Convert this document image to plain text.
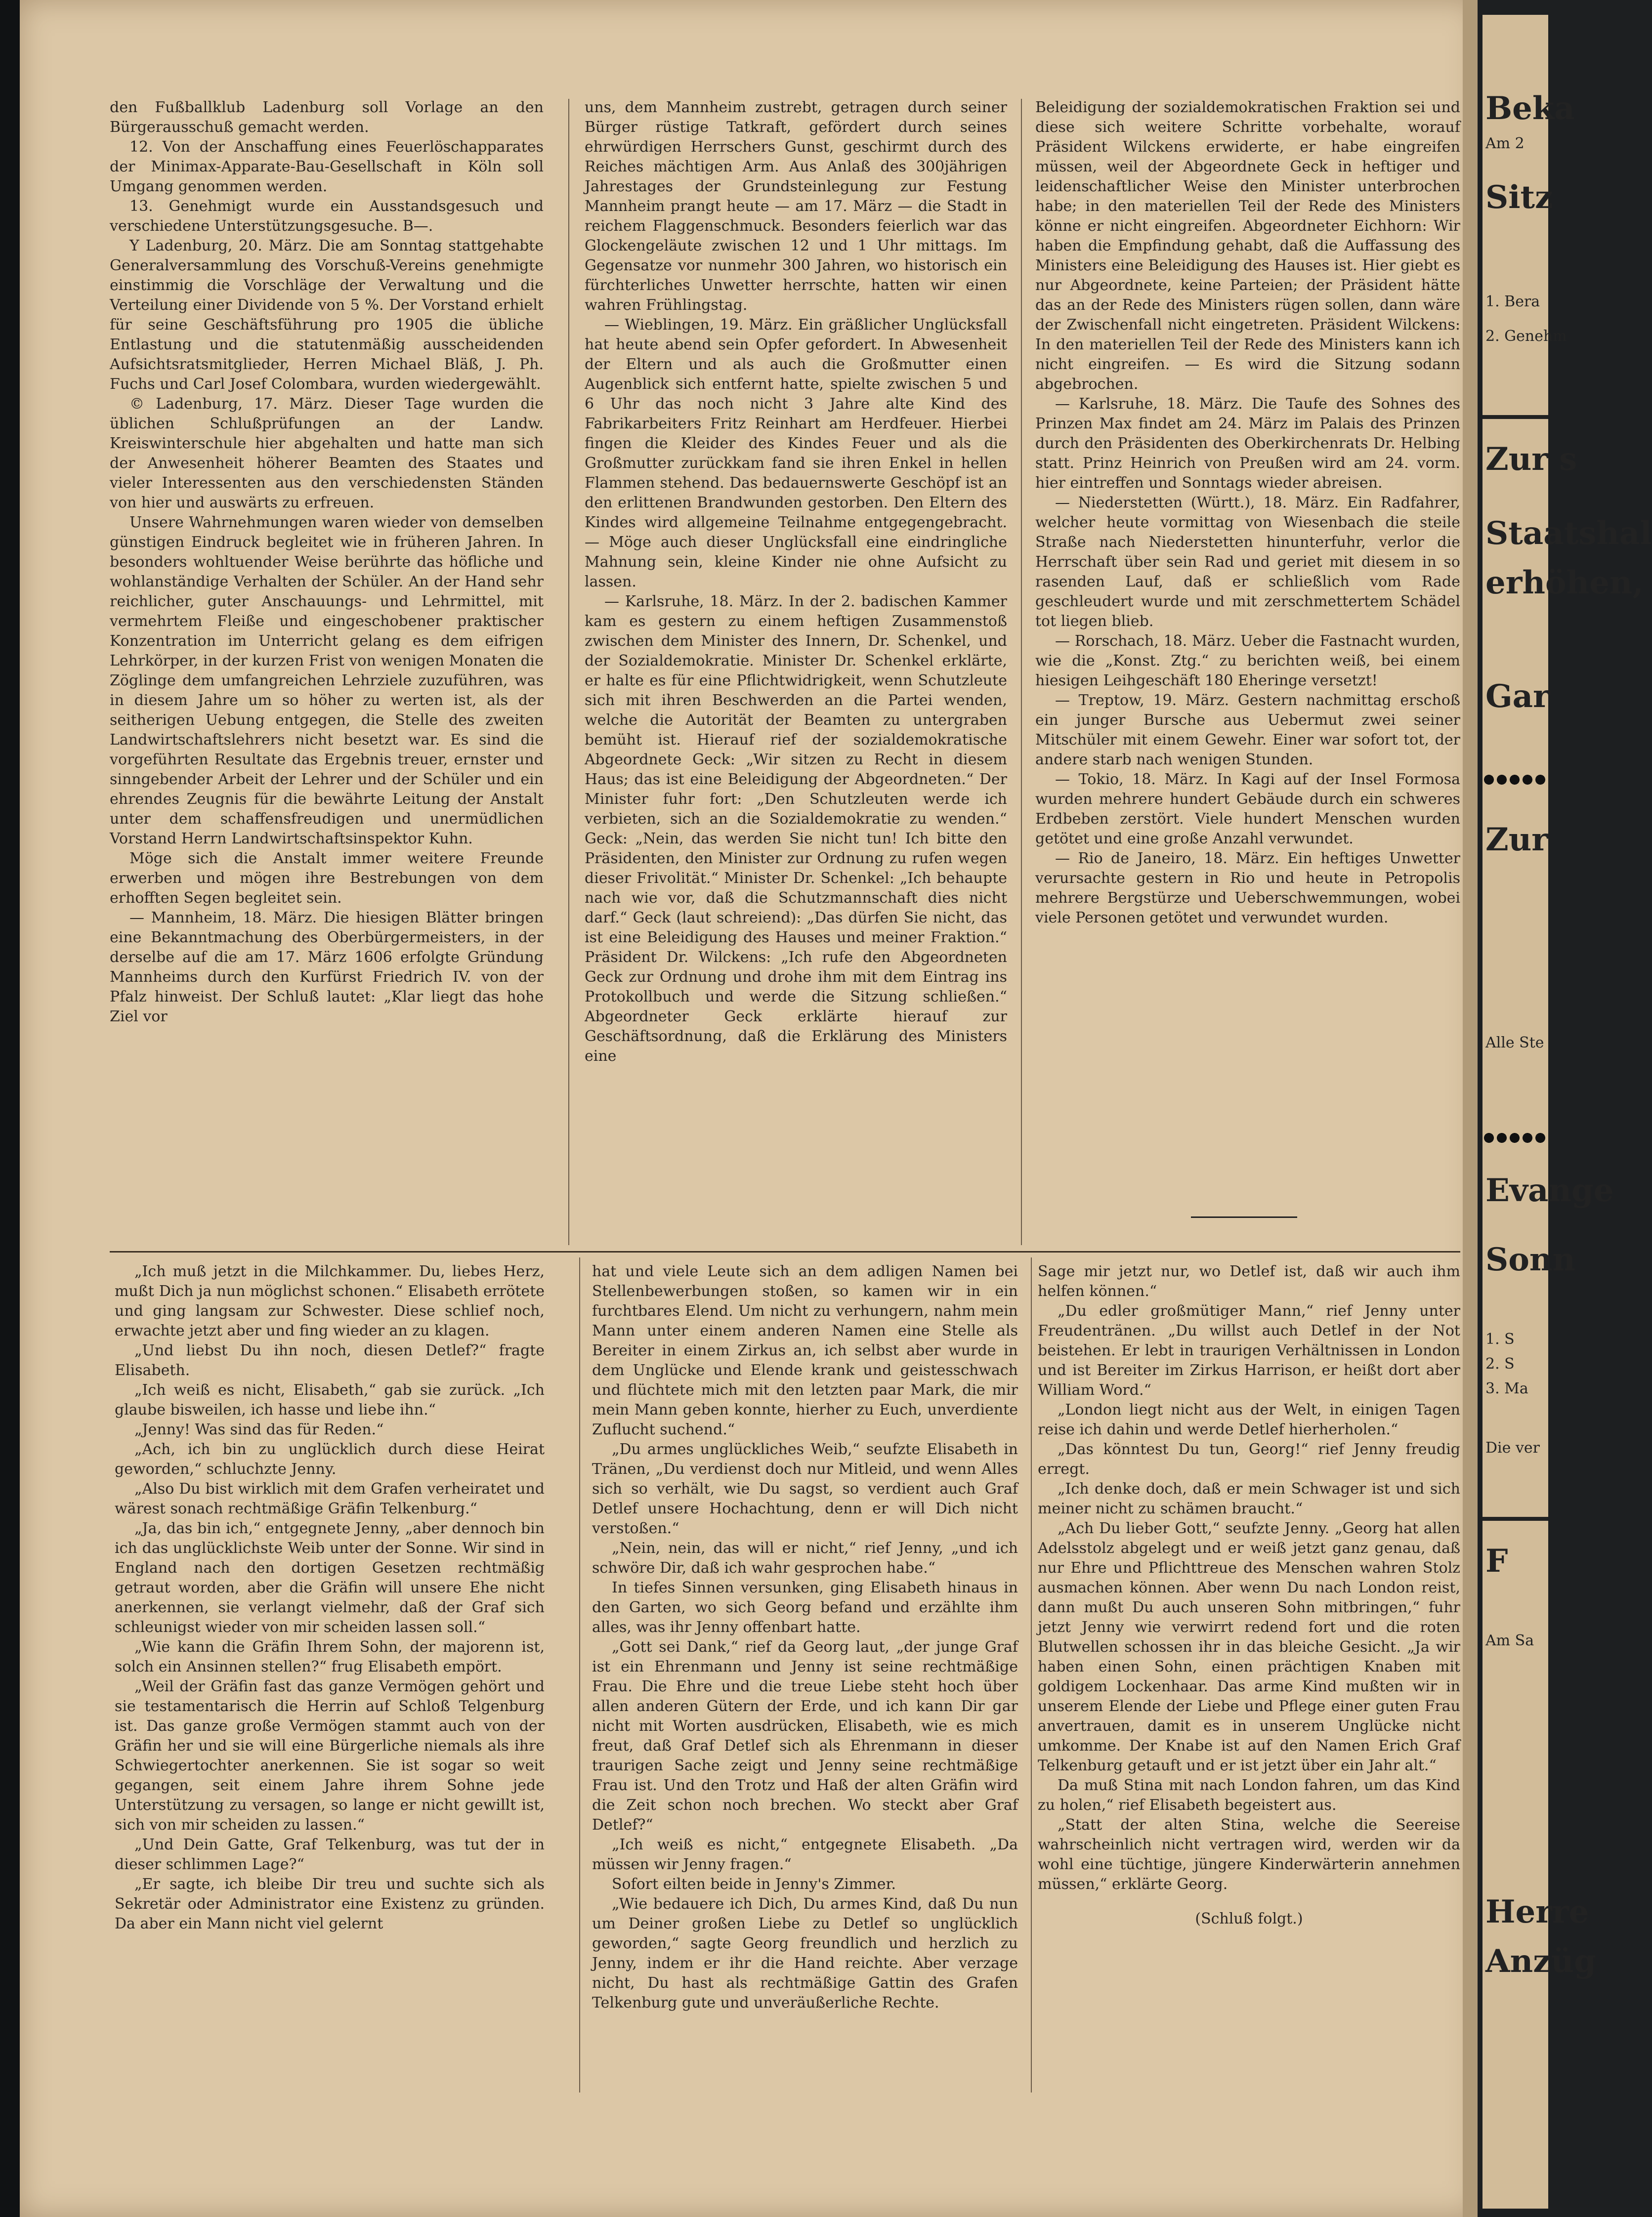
den Fußballklub Ladenburg soll Vorlage an den Bürgerausschuß gemacht werden.

12. Von der Anschaffung eines Feuerlöschapparates der Minimax-Apparate-Bau-Gesellschaft in Köln soll Umgang genommen werden.

13. Genehmigt wurde ein Ausstandsgesuch und verschiedene Unterstützungsgesuche. B—.

Y Ladenburg, 20. März. Die am Sonntag stattgehabte Generalversammlung des Vorschuß-Vereins genehmigte einstimmig die Vorschläge der Verwaltung und die Verteilung einer Dividende von 5 %. Der Vorstand erhielt für seine Geschäftsführung pro 1905 die übliche Entlastung und die statutenmäßig ausscheidenden Aufsichtsratsmitglieder, Herren Michael Bläß, J. Ph. Fuchs und Carl Josef Colombara, wurden wiedergewählt.

© Ladenburg, 17. März. Dieser Tage wurden die üblichen Schlußprüfungen an der Landw. Kreiswinterschule hier abgehalten und hatte man sich der Anwesenheit höherer Beamten des Staates und vieler Interessenten aus den verschiedensten Ständen von hier und auswärts zu erfreuen.

Unsere Wahrnehmungen waren wieder von demselben günstigen Eindruck begleitet wie in früheren Jahren. In besonders wohltuender Weise berührte das höfliche und wohlanständige Verhalten der Schüler. An der Hand sehr reichlicher, guter Anschauungs- und Lehrmittel, mit vermehrtem Fleiße und eingeschobener praktischer Konzentration im Unterricht gelang es dem eifrigen Lehrkörper, in der kurzen Frist von wenigen Monaten die Zöglinge dem umfangreichen Lehrziele zuzuführen, was in diesem Jahre um so höher zu werten ist, als der seitherigen Uebung entgegen, die Stelle des zweiten Landwirtschaftslehrers nicht besetzt war. Es sind die vorgeführten Resultate das Ergebnis treuer, ernster und sinngebender Arbeit der Lehrer und der Schüler und ein ehrendes Zeugnis für die bewährte Leitung der Anstalt unter dem schaffensfreudigen und unermüdlichen Vorstand Herrn Landwirtschaftsinspektor Kuhn.

Möge sich die Anstalt immer weitere Freunde erwerben und mögen ihre Bestrebungen von dem erhofften Segen begleitet sein.

— Mannheim, 18. März. Die hiesigen Blätter bringen eine Bekanntmachung des Oberbürgermeisters, in der derselbe auf die am 17. März 1606 erfolgte Gründung Mannheims durch den Kurfürst Friedrich IV. von der Pfalz hinweist. Der Schluß lautet: „Klar liegt das hohe Ziel vor

uns, dem Mannheim zustrebt, getragen durch seiner Bürger rüstige Tatkraft, gefördert durch seines ehrwürdigen Herrschers Gunst, geschirmt durch des Reiches mächtigen Arm. Aus Anlaß des 300jährigen Jahrestages der Grundsteinlegung zur Festung Mannheim prangt heute — am 17. März — die Stadt in reichem Flaggenschmuck. Besonders feierlich war das Glockengeläute zwischen 12 und 1 Uhr mittags. Im Gegensatze vor nunmehr 300 Jahren, wo historisch ein fürchterliches Unwetter herrschte, hatten wir einen wahren Frühlingstag.

— Wieblingen, 19. März. Ein gräßlicher Unglücksfall hat heute abend sein Opfer gefordert. In Abwesenheit der Eltern und als auch die Großmutter einen Augenblick sich entfernt hatte, spielte zwischen 5 und 6 Uhr das noch nicht 3 Jahre alte Kind des Fabrikarbeiters Fritz Reinhart am Herdfeuer. Hierbei fingen die Kleider des Kindes Feuer und als die Großmutter zurückkam fand sie ihren Enkel in hellen Flammen stehend. Das bedauernswerte Geschöpf ist an den erlittenen Brandwunden gestorben. Den Eltern des Kindes wird allgemeine Teilnahme entgegengebracht. — Möge auch dieser Unglücksfall eine eindringliche Mahnung sein, kleine Kinder nie ohne Aufsicht zu lassen.

— Karlsruhe, 18. März. In der 2. badischen Kammer kam es gestern zu einem heftigen Zusammenstoß zwischen dem Minister des Innern, Dr. Schenkel, und der Sozialdemokratie. Minister Dr. Schenkel erklärte, er halte es für eine Pflichtwidrigkeit, wenn Schutzleute sich mit ihren Beschwerden an die Partei wenden, welche die Autorität der Beamten zu untergraben bemüht ist. Hierauf rief der sozialdemokratische Abgeordnete Geck: „Wir sitzen zu Recht in diesem Haus; das ist eine Beleidigung der Abgeordneten.“ Der Minister fuhr fort: „Den Schutzleuten werde ich verbieten, sich an die Sozialdemokratie zu wenden.“ Geck: „Nein, das werden Sie nicht tun! Ich bitte den Präsidenten, den Minister zur Ordnung zu rufen wegen dieser Frivolität.“ Minister Dr. Schenkel: „Ich behaupte nach wie vor, daß die Schutzmannschaft dies nicht darf.“ Geck (laut schreiend): „Das dürfen Sie nicht, das ist eine Beleidigung des Hauses und meiner Fraktion.“ Präsident Dr. Wilckens: „Ich rufe den Abgeordneten Geck zur Ordnung und drohe ihm mit dem Eintrag ins Protokollbuch und werde die Sitzung schließen.“ Abgeordneter Geck erklärte hierauf zur Geschäftsordnung, daß die Erklärung des Ministers eine

Beleidigung der sozialdemokratischen Fraktion sei und diese sich weitere Schritte vorbehalte, worauf Präsident Wilckens erwiderte, er habe eingreifen müssen, weil der Abgeordnete Geck in heftiger und leidenschaftlicher Weise den Minister unterbrochen habe; in den materiellen Teil der Rede des Ministers könne er nicht eingreifen. Abgeordneter Eichhorn: Wir haben die Empfindung gehabt, daß die Auffassung des Ministers eine Beleidigung des Hauses ist. Hier giebt es nur Abgeordnete, keine Parteien; der Präsident hätte das an der Rede des Ministers rügen sollen, dann wäre der Zwischenfall nicht eingetreten. Präsident Wilckens: In den materiellen Teil der Rede des Ministers kann ich nicht eingreifen. — Es wird die Sitzung sodann abgebrochen.

— Karlsruhe, 18. März. Die Taufe des Sohnes des Prinzen Max findet am 24. März im Palais des Prinzen durch den Präsidenten des Oberkirchenrats Dr. Helbing statt. Prinz Heinrich von Preußen wird am 24. vorm. hier eintreffen und Sonntags wieder abreisen.

— Niederstetten (Württ.), 18. März. Ein Radfahrer, welcher heute vormittag von Wiesenbach die steile Straße nach Niederstetten hinunterfuhr, verlor die Herrschaft über sein Rad und geriet mit diesem in so rasenden Lauf, daß er schließlich vom Rade geschleudert wurde und mit zerschmettertem Schädel tot liegen blieb.

— Rorschach, 18. März. Ueber die Fastnacht wurden, wie die „Konst. Ztg.“ zu berichten weiß, bei einem hiesigen Leihgeschäft 180 Eheringe versetzt!

— Treptow, 19. März. Gestern nachmittag erschoß ein junger Bursche aus Uebermut zwei seiner Mitschüler mit einem Gewehr. Einer war sofort tot, der andere starb nach wenigen Stunden.

— Tokio, 18. März. In Kagi auf der Insel Formosa wurden mehrere hundert Gebäude durch ein schweres Erdbeben zerstört. Viele hundert Menschen wurden getötet und eine große Anzahl verwundet.

— Rio de Janeiro, 18. März. Ein heftiges Unwetter verursachte gestern in Rio und heute in Petropolis mehrere Bergstürze und Ueberschwemmungen, wobei viele Personen getötet und verwundet wurden.

„Ich muß jetzt in die Milchkammer. Du, liebes Herz, mußt Dich ja nun möglichst schonen.“ Elisabeth errötete und ging langsam zur Schwester. Diese schlief noch, erwachte jetzt aber und fing wieder an zu klagen.

„Und liebst Du ihn noch, diesen Detlef?“ fragte Elisabeth.

„Ich weiß es nicht, Elisabeth,“ gab sie zurück. „Ich glaube bisweilen, ich hasse und liebe ihn.“

„Jenny! Was sind das für Reden.“

„Ach, ich bin zu unglücklich durch diese Heirat geworden,“ schluchzte Jenny.

„Also Du bist wirklich mit dem Grafen verheiratet und wärest sonach rechtmäßige Gräfin Telkenburg.“

„Ja, das bin ich,“ entgegnete Jenny, „aber dennoch bin ich das unglücklichste Weib unter der Sonne. Wir sind in England nach den dortigen Gesetzen rechtmäßig getraut worden, aber die Gräfin will unsere Ehe nicht anerkennen, sie verlangt vielmehr, daß der Graf sich schleunigst wieder von mir scheiden lassen soll.“

„Wie kann die Gräfin Ihrem Sohn, der majorenn ist, solch ein Ansinnen stellen?“ frug Elisabeth empört.

„Weil der Gräfin fast das ganze Vermögen gehört und sie testamentarisch die Herrin auf Schloß Telgenburg ist. Das ganze große Vermögen stammt auch von der Gräfin her und sie will eine Bürgerliche niemals als ihre Schwiegertochter anerkennen. Sie ist sogar so weit gegangen, seit einem Jahre ihrem Sohne jede Unterstützung zu versagen, so lange er nicht gewillt ist, sich von mir scheiden zu lassen.“

„Und Dein Gatte, Graf Telkenburg, was tut der in dieser schlimmen Lage?“

„Er sagte, ich bleibe Dir treu und suchte sich als Sekretär oder Administrator eine Existenz zu gründen. Da aber ein Mann nicht viel gelernt

hat und viele Leute sich an dem adligen Namen bei Stellenbewerbungen stoßen, so kamen wir in ein furchtbares Elend. Um nicht zu verhungern, nahm mein Mann unter einem anderen Namen eine Stelle als Bereiter in einem Zirkus an, ich selbst aber wurde in dem Unglücke und Elende krank und geistesschwach und flüchtete mich mit den letzten paar Mark, die mir mein Mann geben konnte, hierher zu Euch, unverdiente Zuflucht suchend.“

„Du armes unglückliches Weib,“ seufzte Elisabeth in Tränen, „Du verdienst doch nur Mitleid, und wenn Alles sich so verhält, wie Du sagst, so verdient auch Graf Detlef unsere Hochachtung, denn er will Dich nicht verstoßen.“

„Nein, nein, das will er nicht,“ rief Jenny, „und ich schwöre Dir, daß ich wahr gesprochen habe.“

In tiefes Sinnen versunken, ging Elisabeth hinaus in den Garten, wo sich Georg befand und erzählte ihm alles, was ihr Jenny offenbart hatte.

„Gott sei Dank,“ rief da Georg laut, „der junge Graf ist ein Ehrenmann und Jenny ist seine rechtmäßige Frau. Die Ehre und die treue Liebe steht hoch über allen anderen Gütern der Erde, und ich kann Dir gar nicht mit Worten ausdrücken, Elisabeth, wie es mich freut, daß Graf Detlef sich als Ehrenmann in dieser traurigen Sache zeigt und Jenny seine rechtmäßige Frau ist. Und den Trotz und Haß der alten Gräfin wird die Zeit schon noch brechen. Wo steckt aber Graf Detlef?“

„Ich weiß es nicht,“ entgegnete Elisabeth. „Da müssen wir Jenny fragen.“

Sofort eilten beide in Jenny's Zimmer.

„Wie bedauere ich Dich, Du armes Kind, daß Du nun um Deiner großen Liebe zu Detlef so unglücklich geworden,“ sagte Georg freundlich und herzlich zu Jenny, indem er ihr die Hand reichte. Aber verzage nicht, Du hast als rechtmäßige Gattin des Grafen Telkenburg gute und unveräußerliche Rechte.

Sage mir jetzt nur, wo Detlef ist, daß wir auch ihm helfen können.“

„Du edler großmütiger Mann,“ rief Jenny unter Freudentränen. „Du willst auch Detlef in der Not beistehen. Er lebt in traurigen Verhältnissen in London und ist Bereiter im Zirkus Harrison, er heißt dort aber William Word.“

„London liegt nicht aus der Welt, in einigen Tagen reise ich dahin und werde Detlef hierherholen.“

„Das könntest Du tun, Georg!“ rief Jenny freudig erregt.

„Ich denke doch, daß er mein Schwager ist und sich meiner nicht zu schämen braucht.“

„Ach Du lieber Gott,“ seufzte Jenny. „Georg hat allen Adelsstolz abgelegt und er weiß jetzt ganz genau, daß nur Ehre und Pflichttreue des Menschen wahren Stolz ausmachen können. Aber wenn Du nach London reist, dann mußt Du auch unseren Sohn mitbringen,“ fuhr jetzt Jenny wie verwirrt redend fort und die roten Blutwellen schossen ihr in das bleiche Gesicht. „Ja wir haben einen Sohn, einen prächtigen Knaben mit goldigem Lockenhaar. Das arme Kind mußten wir in unserem Elende der Liebe und Pflege einer guten Frau anvertrauen, damit es in unserem Unglücke nicht umkomme. Der Knabe ist auf den Namen Erich Graf Telkenburg getauft und er ist jetzt über ein Jahr alt.“

Da muß Stina mit nach London fahren, um das Kind zu holen,“ rief Elisabeth begeistert aus.

„Statt der alten Stina, welche die Seereise wahrscheinlich nicht vertragen wird, werden wir da wohl eine tüchtige, jüngere Kinderwärterin annehmen müssen,“ erklärte Georg.

(Schluß folgt.)

Beka
Am 2
Sitz
1. Bera
2. Genehm
Zur s
Staatshal
erhöhen,
Gar
Zur
Alle Ste
Evange
Sonn
1. S
2. S
3. Ma
Die ver
F
Am Sa
Herre
Anzüg
